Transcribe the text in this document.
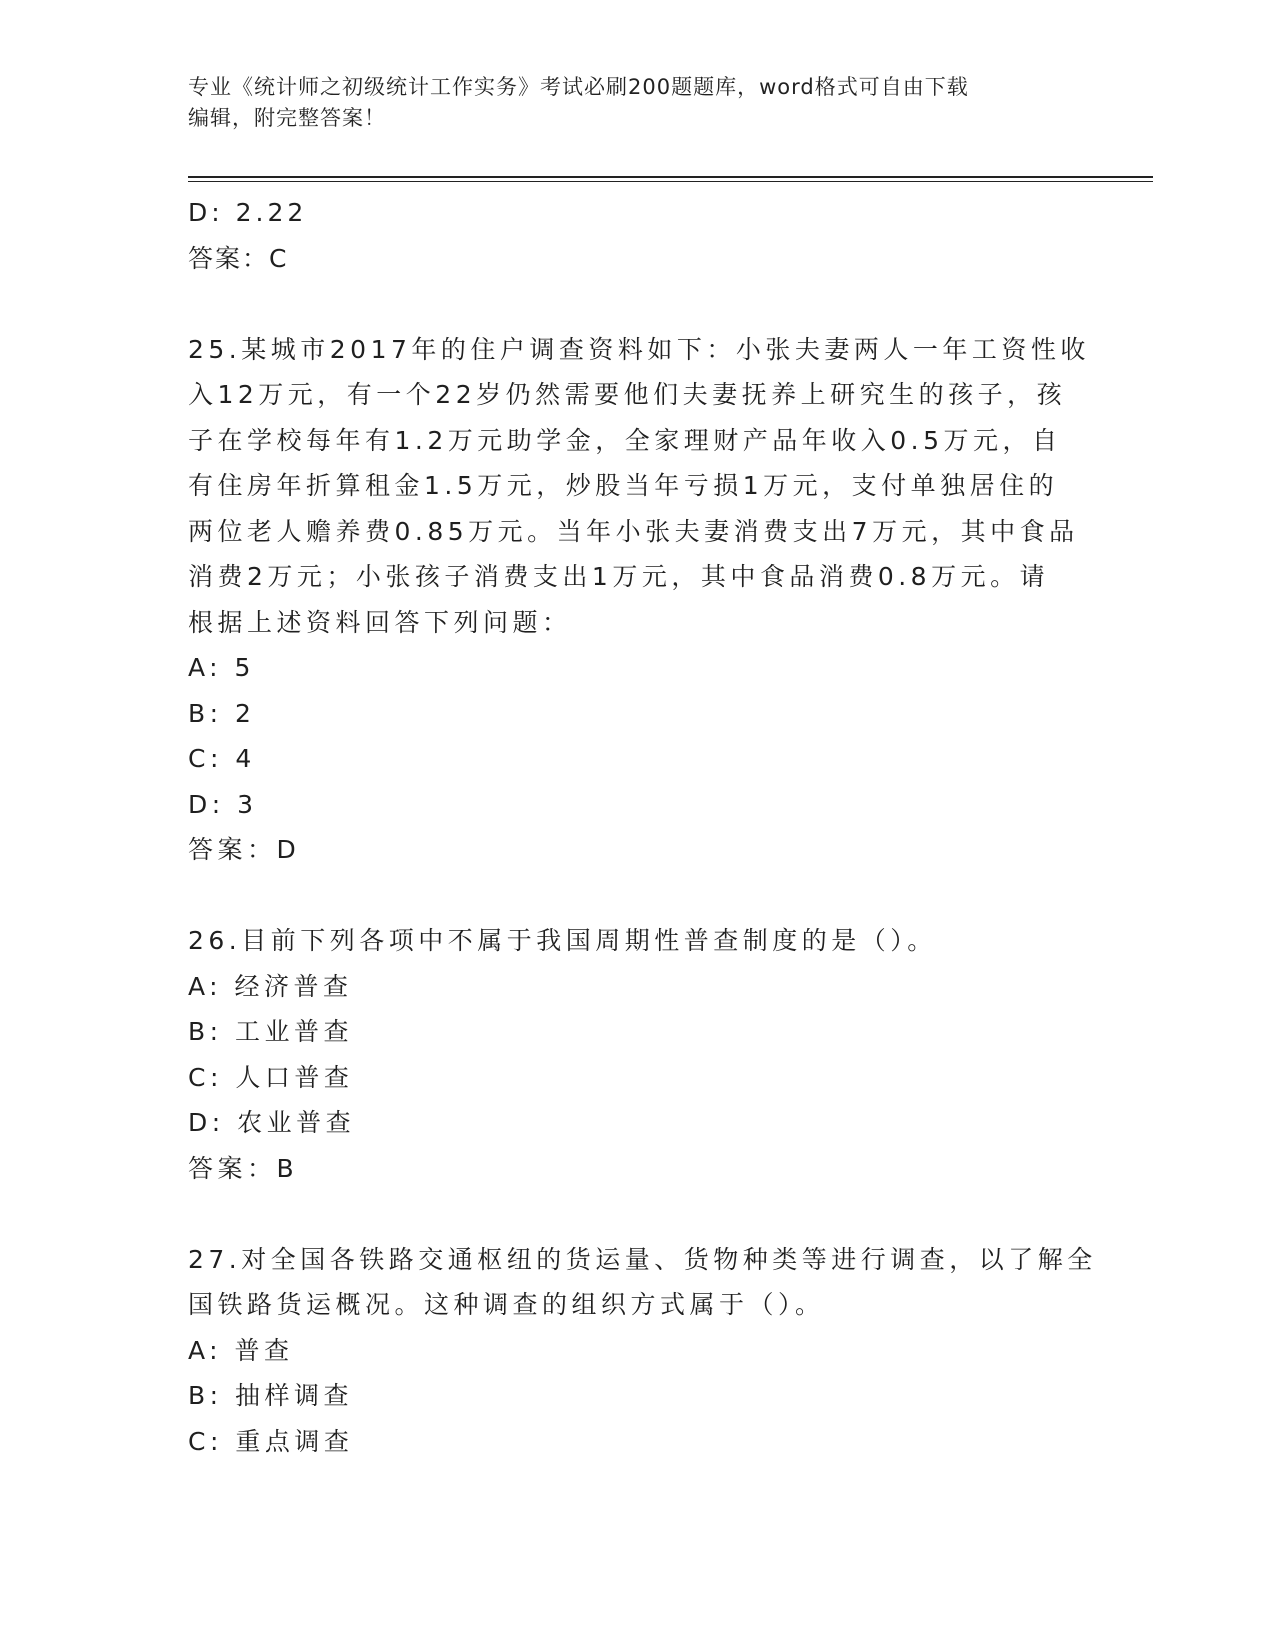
专业《统计师之初级统计工作实务》考试必刷200题题库，word格式可自由下载
编辑，附完整答案！
D: 2.22
答案：C
25.某城市2017年的住户调查资料如下：小张夫妻两人一年工资性收
入12万元，有一个22岁仍然需要他们夫妻抚养上研究生的孩子，孩
子在学校每年有1.2万元助学金，全家理财产品年收入0.5万元，自
有住房年折算租金1.5万元，炒股当年亏损1万元，支付单独居住的
两位老人赡养费0.85万元。当年小张夫妻消费支出7万元，其中食品
消费2万元；小张孩子消费支出1万元，其中食品消费0.8万元。请
根据上述资料回答下列问题：
A: 5
B: 2
C: 4
D: 3
答案：D
26.目前下列各项中不属于我国周期性普查制度的是（）。
A: 经济普查
B: 工业普查
C: 人口普查
D: 农业普查
答案：B
27.对全国各铁路交通枢纽的货运量、货物种类等进行调查，以了解全
国铁路货运概况。这种调查的组织方式属于（）。
A: 普查
B: 抽样调查
C: 重点调查
